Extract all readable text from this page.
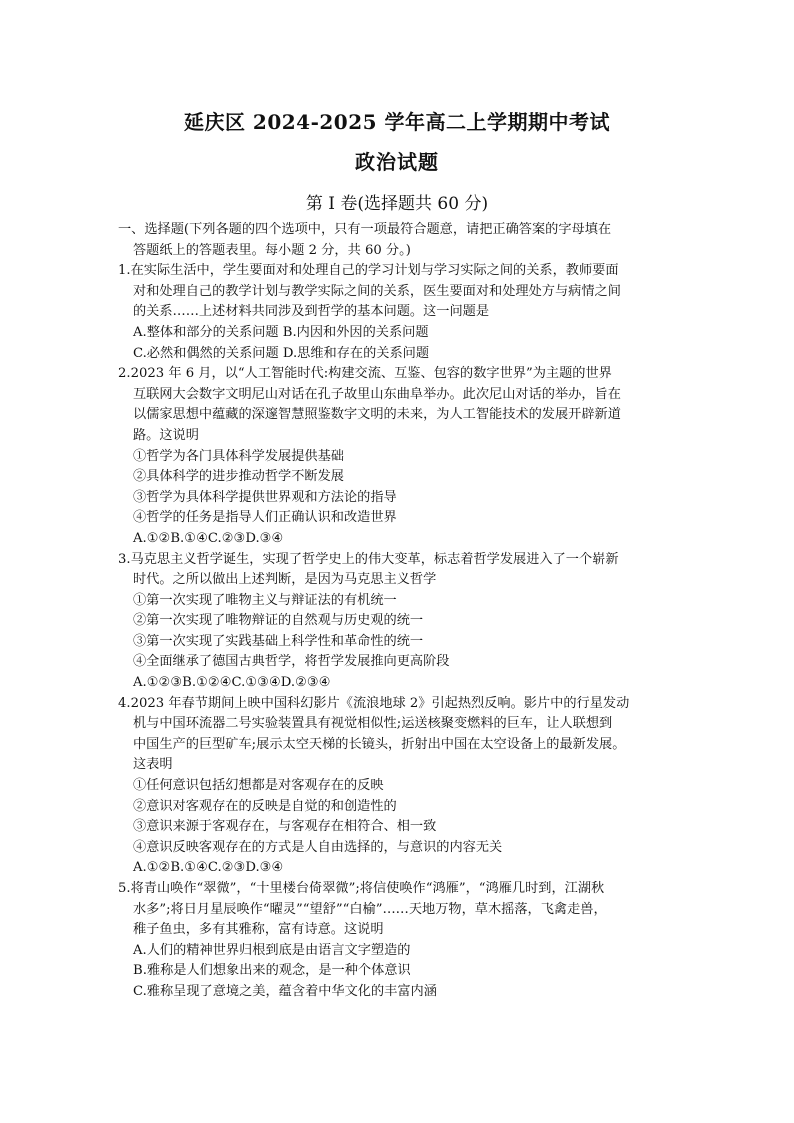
延庆区 2024-2025 学年高二上学期期中考试
政治试题
第 I 卷(选择题共 60 分)
一、选择题(下列各题的四个选项中，只有一项最符合题意，请把正确答案的字母填在
答题纸上的答题表里。每小题 2 分，共 60 分。)
1.在实际生活中，学生要面对和处理自己的学习计划与学习实际之间的关系，教师要面
对和处理自己的教学计划与教学实际之间的关系，医生要面对和处理处方与病情之间
的关系……上述材料共同涉及到哲学的基本问题。这一问题是
A.整体和部分的关系问题 B.内因和外因的关系问题
C.必然和偶然的关系问题 D.思维和存在的关系问题
2.2023 年 6 月，以“人工智能时代:构建交流、互鉴、包容的数字世界”为主题的世界
互联网大会数字文明尼山对话在孔子故里山东曲阜举办。此次尼山对话的举办，旨在
以儒家思想中蕴藏的深邃智慧照鉴数字文明的未来，为人工智能技术的发展开辟新道
路。这说明
①哲学为各门具体科学发展提供基础
②具体科学的进步推动哲学不断发展
③哲学为具体科学提供世界观和方法论的指导
④哲学的任务是指导人们正确认识和改造世界
A.①②B.①④C.②③D.③④
3.马克思主义哲学诞生，实现了哲学史上的伟大变革，标志着哲学发展进入了一个崭新
时代。之所以做出上述判断，是因为马克思主义哲学
①第一次实现了唯物主义与辩证法的有机统一
②第一次实现了唯物辩证的自然观与历史观的统一
③第一次实现了实践基础上科学性和革命性的统一
④全面继承了德国古典哲学，将哲学发展推向更高阶段
A.①②③B.①②④C.①③④D.②③④
4.2023 年春节期间上映中国科幻影片《流浪地球 2》引起热烈反响。影片中的行星发动
机与中国环流器二号实验装置具有视觉相似性;运送核聚变燃料的巨车，让人联想到
中国生产的巨型矿车;展示太空天梯的长镜头，折射出中国在太空设备上的最新发展。
这表明
①任何意识包括幻想都是对客观存在的反映
②意识对客观存在的反映是自觉的和创造性的
③意识来源于客观存在，与客观存在相符合、相一致
④意识反映客观存在的方式是人自由选择的，与意识的内容无关
A.①②B.①④C.②③D.③④
5.将青山唤作“翠微”，“十里楼台倚翠微”;将信使唤作“鸿雁”，“鸿雁几时到，江湖秋
水多”;将日月星辰唤作“曜灵”“望舒”“白榆”……天地万物，草木摇落，飞禽走兽，
稚子鱼虫，多有其雅称，富有诗意。这说明
A.人们的精神世界归根到底是由语言文字塑造的
B.雅称是人们想象出来的观念，是一种个体意识
C.雅称呈现了意境之美，蕴含着中华文化的丰富内涵
